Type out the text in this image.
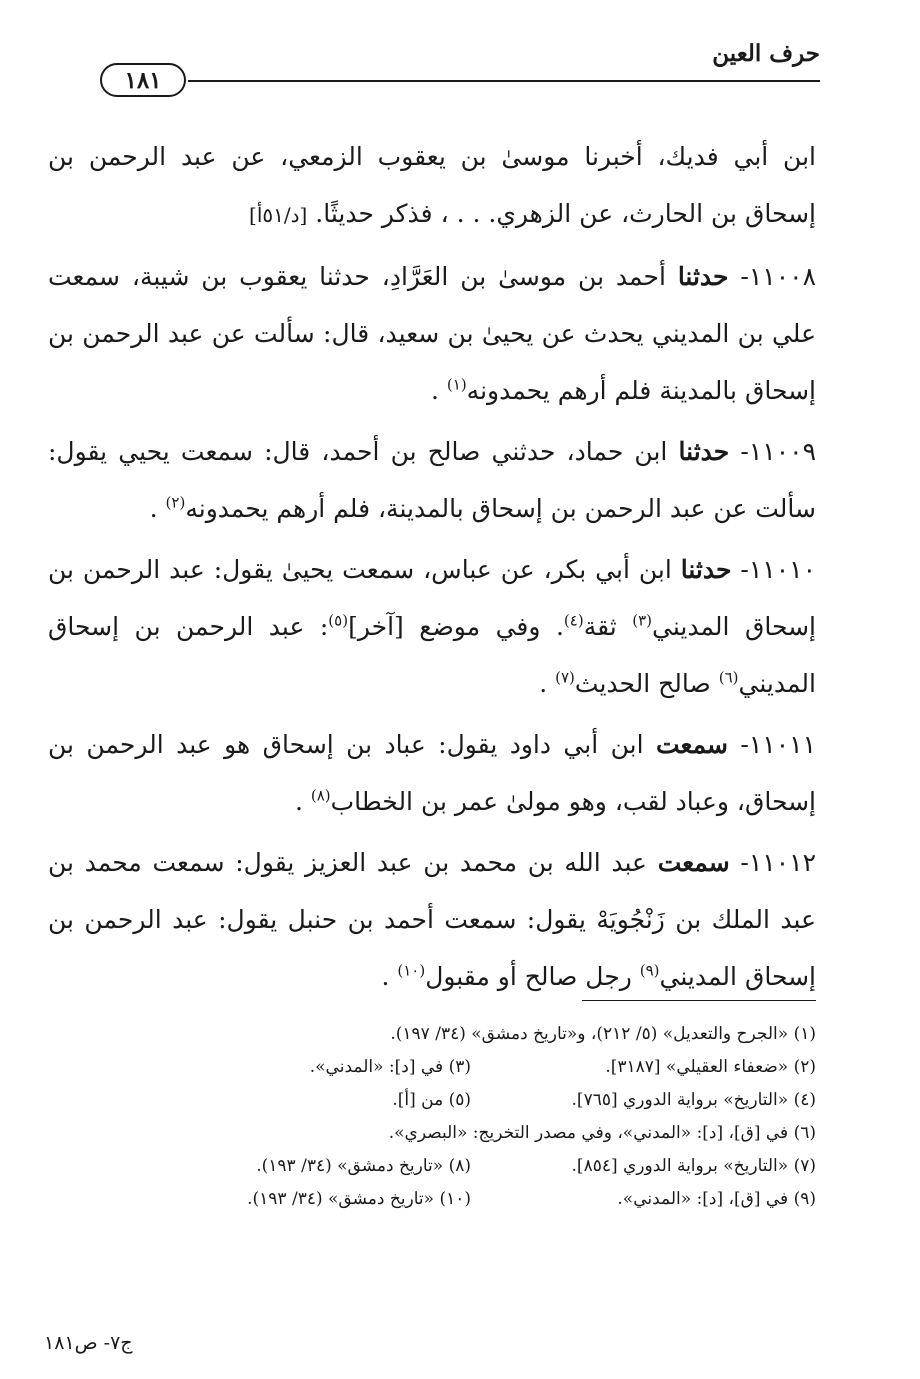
حرف العين
١٨١

ابن أبي فديك، أخبرنا موسىٰ بن يعقوب الزمعي، عن عبد الرحمن بن إسحاق بن الحارث، عن الزهري. . . ، فذكر حديثًا. [د/٥١أ]

١١٠٠٨- حدثنا أحمد بن موسىٰ بن العَرَّادِ، حدثنا يعقوب بن شيبة، سمعت علي بن المديني يحدث عن يحيىٰ بن سعيد، قال: سألت عن عبد الرحمن بن إسحاق بالمدينة فلم أرهم يحمدونه$^{(١)}$ .

١١٠٠٩- حدثنا ابن حماد، حدثني صالح بن أحمد، قال: سمعت يحيي يقول: سألت عن عبد الرحمن بن إسحاق بالمدينة، فلم أرهم يحمدونه$^{(٢)}$ .

١١٠١٠- حدثنا ابن أبي بكر، عن عباس، سمعت يحيىٰ يقول: عبد الرحمن بن إسحاق المديني$^{(٣)}$ ثقة$^{(٤)}$. وفي موضع [آخر]$^{(٥)}$: عبد الرحمن بن إسحاق المديني$^{(٦)}$ صالح الحديث$^{(٧)}$ .

١١٠١١- سمعت ابن أبي داود يقول: عباد بن إسحاق هو عبد الرحمن بن إسحاق، وعباد لقب، وهو مولىٰ عمر بن الخطاب$^{(٨)}$ .

١١٠١٢- سمعت عبد الله بن محمد بن عبد العزيز يقول: سمعت محمد بن عبد الملك بن زَنْجُويَهْ يقول: سمعت أحمد بن حنبل يقول: عبد الرحمن بن إسحاق المديني$^{(٩)}$ رجل صالح أو مقبول$^{(١٠)}$ .

(١) «الجرح والتعديل» (٥/ ٢١٢)، و«تاريخ دمشق» (٣٤/ ١٩٧).
(٢) «ضعفاء العقيلي» [٣١٨٧].
(٣) في [د]: «المدني».
(٤) «التاريخ» برواية الدوري [٧٦٥].
(٥) من [أ].
(٦) في [ق]، [د]: «المدني»، وفي مصدر التخريج: «البصري».
(٧) «التاريخ» برواية الدوري [٨٥٤].
(٨) «تاريخ دمشق» (٣٤/ ١٩٣).
(٩) في [ق]، [د]: «المدني».
(١٠) «تاريخ دمشق» (٣٤/ ١٩٣).
ج٧- ص١٨١
